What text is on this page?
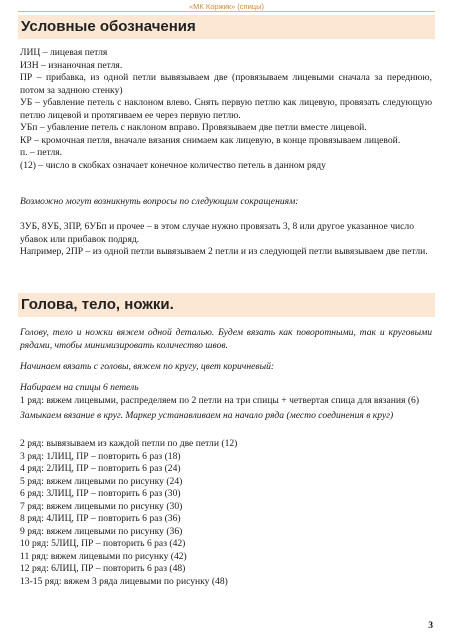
«МК Коржик» (спицы)
Условные обозначения

ЛИЦ – лицевая петля

ИЗН – изнаночная петля.

ПР – прибавка, из одной петли вывязываем две (провязываем лицевыми сначала за переднюю, потом за заднюю стенку)

УБ – убавление петель с наклоном влево. Снять первую петлю как лицевую, провязать следующую петлю лицевой и протягиваем ее через первую петлю.

УБп – убавление петель с наклоном вправо. Провязываем две петли вместе лицевой.

КР – кромочная петля, вначале вязания снимаем как лицевую, в конце провязываем лицевой.

п. – петля.

(12) – число в скобках означает конечное количество петель в данном ряду

Возможно могут возникнуть вопросы по следующим сокращениям:

3УБ, 8УБ, 3ПР, 6УБп и прочее – в этом случае нужно провязать 3, 8 или другое указанное число убавок или прибавок подряд.

Например, 2ПР – из одной петли вывязываем 2 петли и из следующей петли вывязываем две петли.

Голова, тело, ножки.
Голову, тело и ножки вяжем одной деталью. Будем вязать как поворотными, так и круговыми рядами, чтобы минимизировать количество швов.
Начинаем вязать с головы, вяжем по кругу, цвет коричневый:

Набираем на спицы 6 петель

1 ряд: вяжем лицевыми, распределяем по 2 петли на три спицы + четвертая спица для вязания (6)

Замыкаем вязание в круг. Маркер устанавливаем на начало ряда (место соединения в круг)

2 ряд: вывязываем из каждой петли по две петли (12)

3 ряд: 1ЛИЦ, ПР – повторить 6 раз (18)

4 ряд: 2ЛИЦ, ПР – повторить 6 раз (24)

5 ряд: вяжем лицевыми по рисунку (24)

6 ряд: 3ЛИЦ, ПР – повторить 6 раз (30)

7 ряд: вяжем лицевыми по рисунку (30)

8 ряд: 4ЛИЦ, ПР – повторить 6 раз (36)

9 ряд: вяжем лицевыми по рисунку (36)

10 ряд: 5ЛИЦ, ПР – повторить 6 раз (42)

11 ряд: вяжем лицевыми по рисунку (42)

12 ряд: 6ЛИЦ, ПР – повторить 6 раз (48)

13-15 ряд: вяжем 3 ряда лицевыми по рисунку (48)

3
